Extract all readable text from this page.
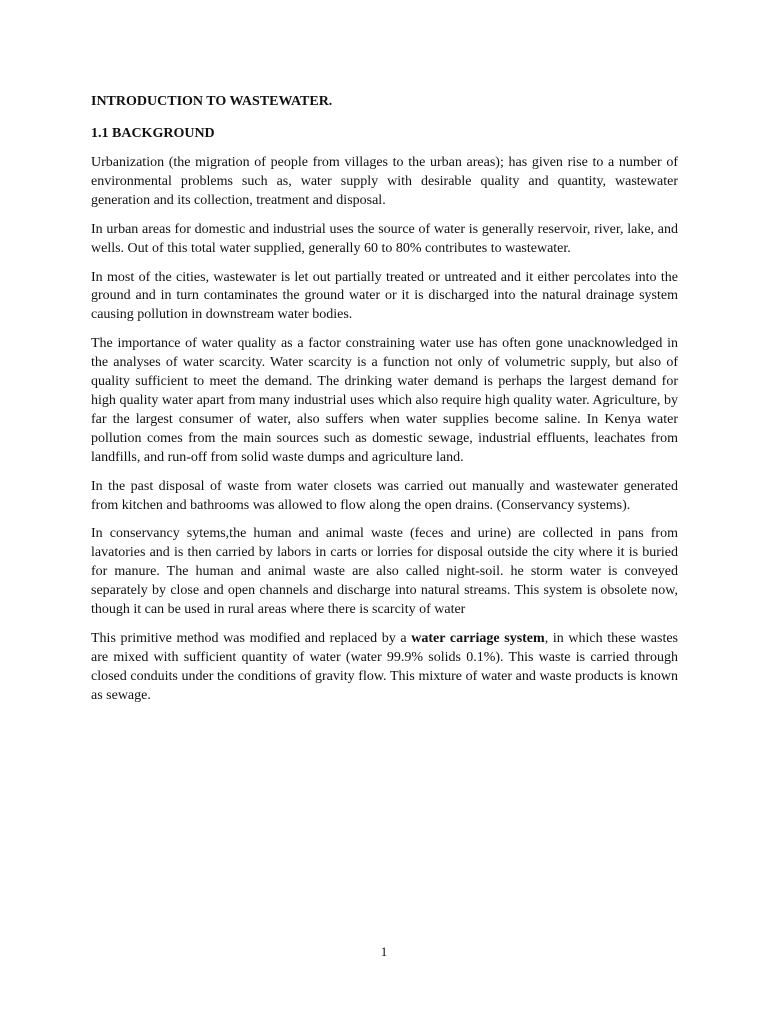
INTRODUCTION TO WASTEWATER.
1.1 BACKGROUND

Urbanization (the migration of people from villages to the urban areas); has given rise to a number of environmental problems such as, water supply with desirable quality and quantity, wastewater generation and its collection, treatment and disposal.

In urban areas for domestic and industrial uses the source of water is generally reservoir, river, lake, and wells. Out of this total water supplied, generally 60 to 80% contributes to wastewater.

In most of the cities, wastewater is let out partially treated or untreated and it either percolates into the ground and in turn contaminates the ground water or it is discharged into the natural drainage system causing pollution in downstream water bodies.

The importance of water quality as a factor constraining water use has often gone unacknowledged in the analyses of water scarcity. Water scarcity is a function not only of volumetric supply, but also of quality sufficient to meet the demand. The drinking water demand is perhaps the largest demand for high quality water apart from many industrial uses which also require high quality water. Agriculture, by far the largest consumer of water, also suffers when water supplies become saline. In Kenya water pollution comes from the main sources such as domestic sewage, industrial effluents, leachates from landfills, and run-off from solid waste dumps and agriculture land.

In the past disposal of waste from water closets was carried out manually and wastewater generated from kitchen and bathrooms was allowed to flow along the open drains. (Conservancy systems).

In conservancy sytems,the human and animal waste (feces and urine) are collected in pans from lavatories and is then carried by labors in carts or lorries for disposal outside the city where it is buried for manure. The human and animal waste are also called night-soil. he storm water is conveyed separately by close and open channels and discharge into natural streams. This system is obsolete now, though it can be used in rural areas where there is scarcity of water

This primitive method was modified and replaced by a water carriage system, in which these wastes are mixed with sufficient quantity of water (water 99.9% solids 0.1%). This waste is carried through closed conduits under the conditions of gravity flow. This mixture of water and waste products is known as sewage.

1
